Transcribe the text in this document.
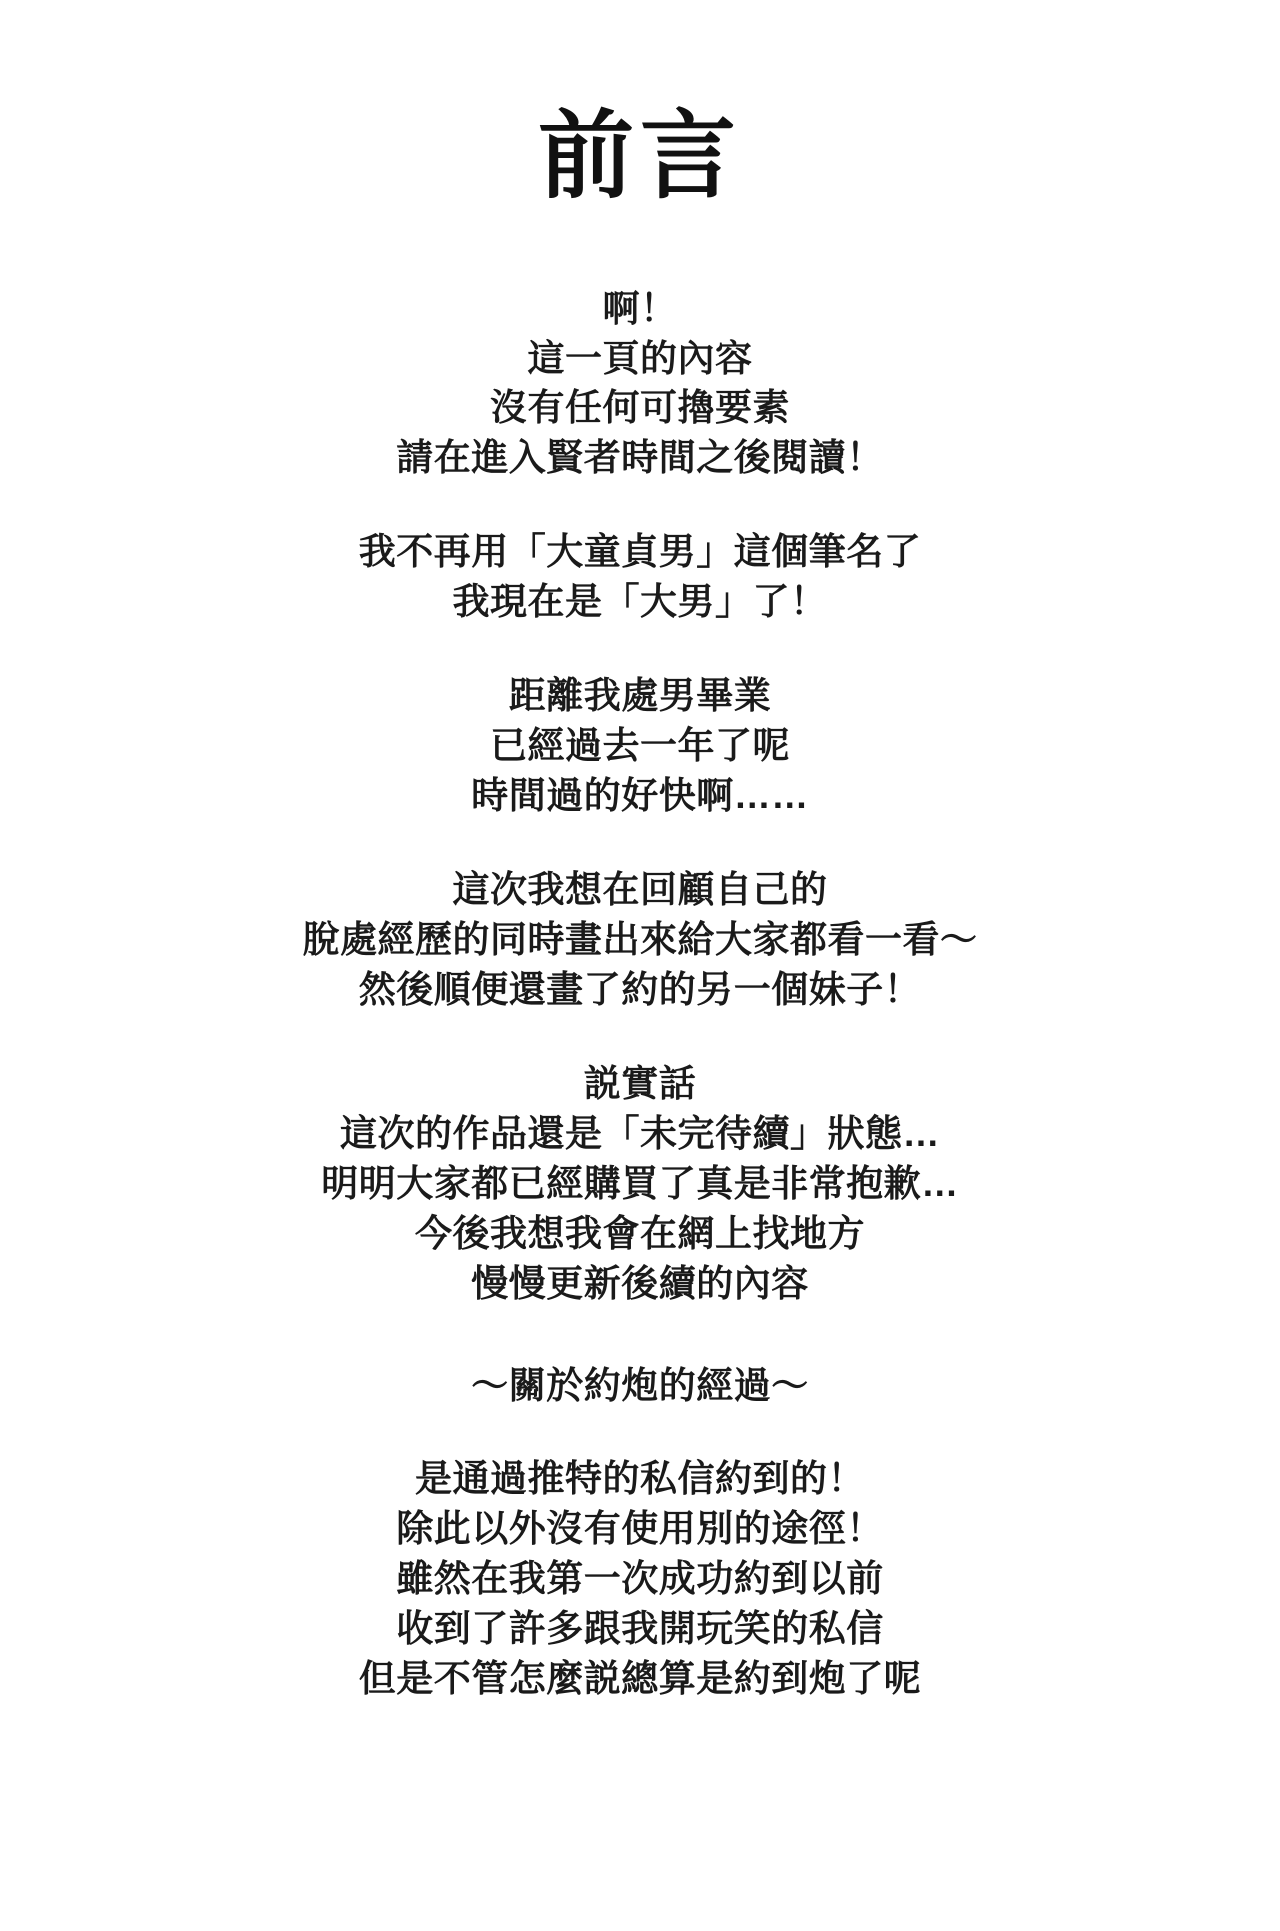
前言
啊！
這一頁的內容
沒有任何可擼要素
請在進入賢者時間之後閱讀！
我不再用「大童貞男」這個筆名了
我現在是「大男」了！
距離我處男畢業
已經過去一年了呢
時間過的好快啊……
這次我想在回顧自己的
脫處經歷的同時畫出來給大家都看一看～
然後順便還畫了約的另一個妹子！
説實話
這次的作品還是「未完待續」狀態…
明明大家都已經購買了真是非常抱歉…
今後我想我會在網上找地方
慢慢更新後續的內容
～關於約炮的經過～
是通過推特的私信約到的！
除此以外沒有使用別的途徑！
雖然在我第一次成功約到以前
收到了許多跟我開玩笑的私信
但是不管怎麼説總算是約到炮了呢
